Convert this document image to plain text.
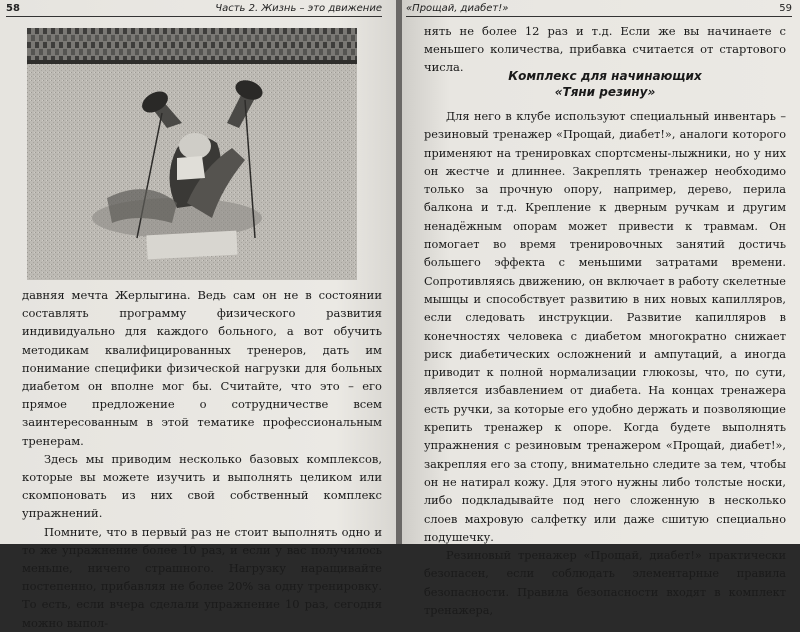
58	Часть 2. Жизнь – это движение

давняя мечта Жерлыгина. Ведь сам он не в состоянии составлять программу физического развития индивидуально для каждого больного, а вот обучить методикам квалифицированных тренеров, дать им понимание специфики физической нагрузки для больных диабетом он вполне мог бы. Считайте, что это – его прямое предложение о сотрудничестве всем заинтересованным в этой тематике профессиональным тренерам.

Здесь мы приводим несколько базовых комплексов, которые вы можете изучить и выполнять целиком или скомпоновать из них свой собственный комплекс упражнений.

Помните, что в первый раз не стоит выполнять одно и то же упражнение более 10 раз, и если у вас получилось меньше, ничего страшного. Нагрузку наращивайте постепенно, прибавляя не более 20% за одну тренировку. То есть, если вчера сделали упражнение 10 раз, сегодня можно выпол-

«Прощай, диабет!»	59

нять не более 12 раз и т.д. Если же вы начинаете с меньшего количества, прибавка считается от стартового числа.

Комплекс для начинающих
«Тяни резину»

Для него в клубе используют специальный инвентарь – резиновый тренажер «Прощай, диабет!», аналоги которого применяют на тренировках спортсмены-лыжники, но у них он жестче и длиннее. Закреплять тренажер необходимо только за прочную опору, например, дерево, перила балкона и т.д. Крепление к дверным ручкам и другим ненадёжным опорам может привести к травмам. Он помогает во время тренировочных занятий достичь большего эффекта с меньшими затратами времени. Сопротивляясь движению, он включает в работу скелетные мышцы и способствует развитию в них новых капилляров, если следовать инструкции. Развитие капилляров в конечностях человека с диабетом многократно снижает риск диабетических осложнений и ампутаций, а иногда приводит к полной нормализации глюкозы, что, по сути, является избавлением от диабета. На концах тренажера есть ручки, за которые его удобно держать и позволяющие крепить тренажер к опоре. Когда будете выполнять упражнения с резиновым тренажером «Прощай, диабет!», закрепляя его за стопу, внимательно следите за тем, чтобы он не натирал кожу. Для этого нужны либо толстые носки, либо подкладывайте под него сложенную в несколько слоев махровую салфетку или даже сшитую специально подушечку.

Резиновый тренажер «Прощай, диабет!» практически безопасен, если соблюдать элементарные правила безопасности. Правила безопасности входят в комплект тренажера,
